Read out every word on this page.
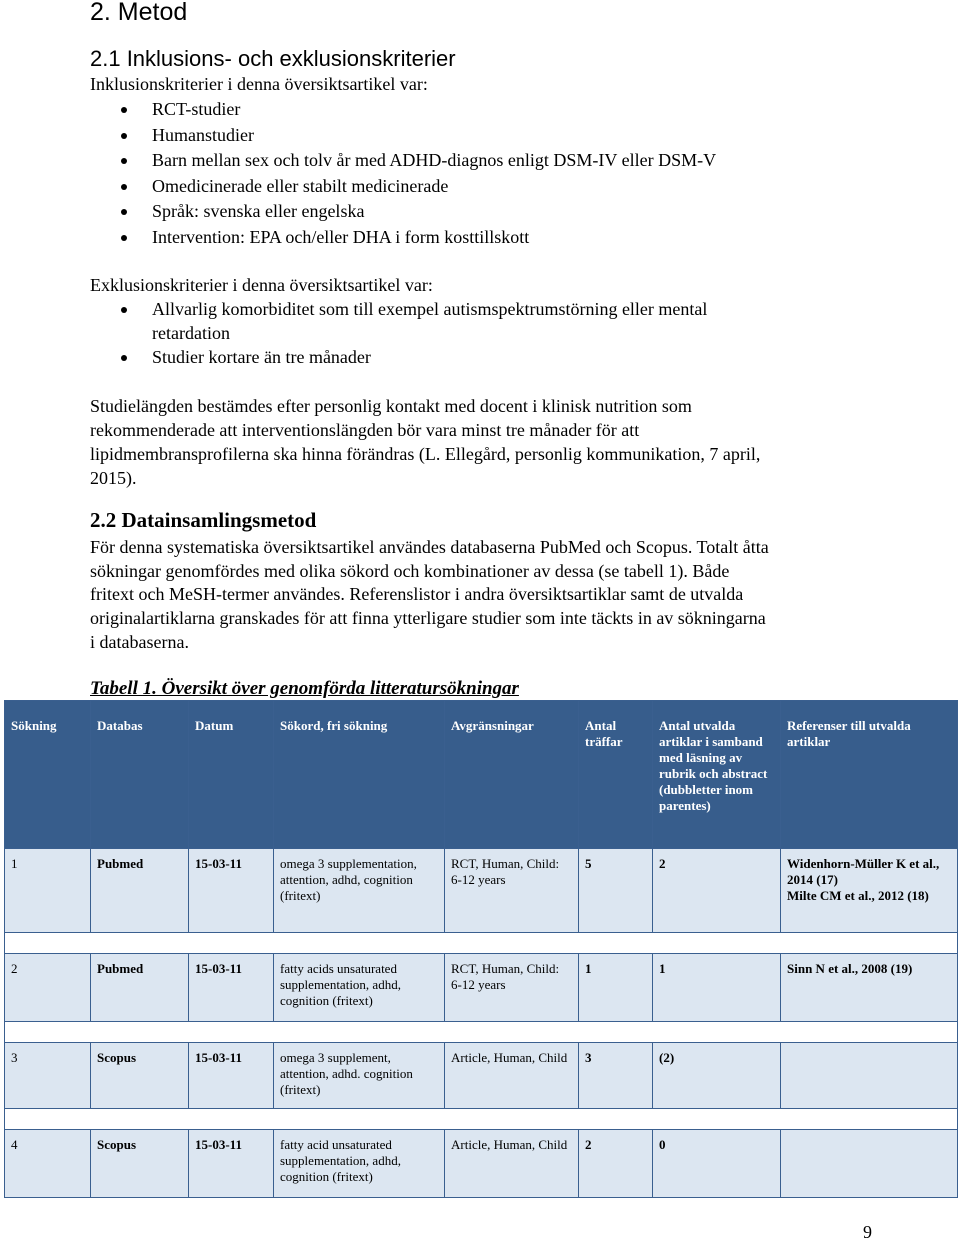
2. Metod
2.1 Inklusions- och exklusionskriterier
Inklusionskriterier i denna översiktsartikel var:
RCT-studier
Humanstudier
Barn mellan sex och tolv år med ADHD-diagnos enligt DSM-IV eller DSM-V
Omedicinerade eller stabilt medicinerade
Språk: svenska eller engelska
Intervention: EPA och/eller DHA i form kosttillskott
Exklusionskriterier i denna översiktsartikel var:
Allvarlig komorbiditet som till exempel autismspektrumstörning eller mental
retardation
Studier kortare än tre månader
Studielängden bestämdes efter personlig kontakt med docent i klinisk nutrition som
rekommenderade att interventionslängden bör vara minst tre månader för att
lipidmembransprofilerna ska hinna förändras (L. Ellegård, personlig kommunikation, 7 april,
2015).
2.2 Datainsamlingsmetod
För denna systematiska översiktsartikel användes databaserna PubMed och Scopus. Totalt åtta
sökningar genomfördes med olika sökord och kombinationer av dessa (se tabell 1). Både
fritext och MeSH-termer användes. Referenslistor i andra översiktsartiklar samt de utvalda
originalartiklarna granskades för att finna ytterligare studier som inte täckts in av sökningarna
i databaserna.
Tabell 1. Översikt över genomförda litteratursökningar
Sökning	Databas	Datum	Sökord, fri sökning	Avgränsningar	Antal träffar	Antal utvalda artiklar i samband med läsning av rubrik och abstract (dubbletter inom parentes)	Referenser till utvalda artiklar
1	Pubmed	15-03-11	omega 3 supplementation, attention, adhd, cognition (fritext)	RCT, Human, Child: 6-12 years	5	2	Widenhorn-Müller K et al., 2014 (17)
Milte CM et al., 2012 (18)

2	Pubmed	15-03-11	fatty acids unsaturated supplementation, adhd, cognition (fritext)	RCT, Human, Child: 6-12 years	1	1	Sinn N et al., 2008 (19)

3	Scopus	15-03-11	omega 3 supplement, attention, adhd. cognition (fritext)	Article, Human, Child	3	(2)	

4	Scopus	15-03-11	fatty acid unsaturated supplementation, adhd, cognition (fritext)	Article, Human, Child	2	0	
9
